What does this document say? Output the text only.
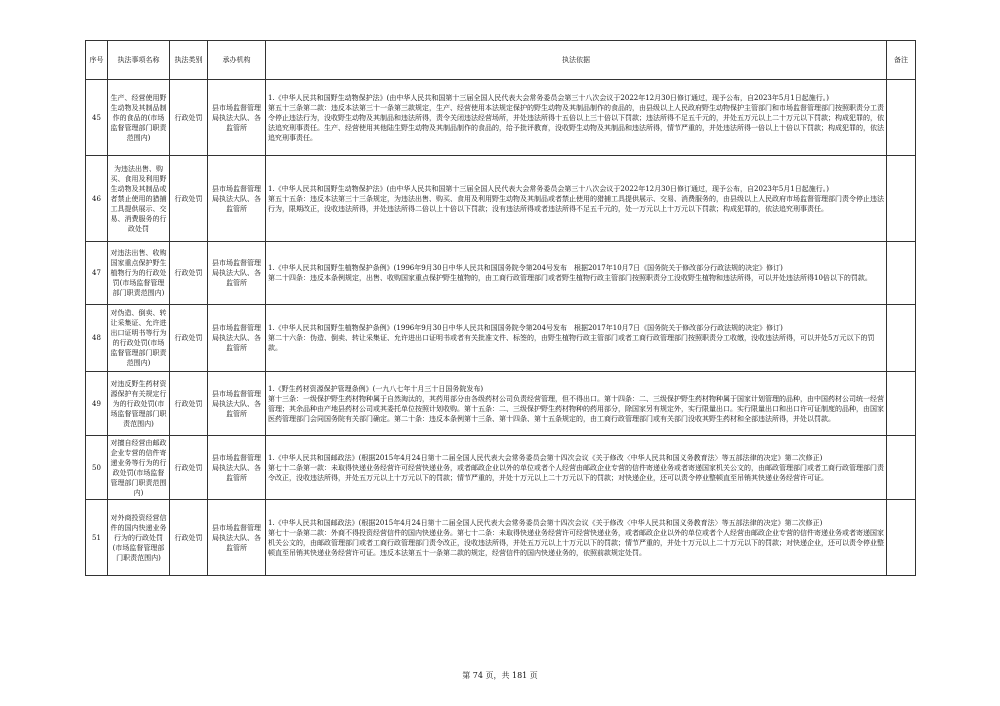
序号	执法事项名称	执法类别	承办机构	执法依据	备注
45	生产、经营使用野生动物及其制品制作的食品的(市场监督管理部门职责范围内)	行政处罚	县市场监督管理局执法大队、各监管所	1.《中华人民共和国野生动物保护法》(由中华人民共和国第十三届全国人民代表大会常务委员会第三十八次会议于2022年12月30日修订通过，现予公布，自2023年5月1日起施行。)
第五十三条第二款：违反本法第三十一条第三款规定，生产、经营使用本法规定保护的野生动物及其制品制作的食品的，由县级以上人民政府野生动物保护主管部门和市场监督管理部门按照职责分工责令停止违法行为，没收野生动物及其制品和违法所得，责令关闭违法经营场所，并处违法所得十五倍以上三十倍以下罚款；违法所得不足五千元的，并处五万元以上二十万元以下罚款；构成犯罪的，依法追究刑事责任。生产、经营使用其他陆生野生动物及其制品制作的食品的，给予批评教育，没收野生动物及其制品和违法所得，情节严重的，并处违法所得一倍以上十倍以下罚款；构成犯罪的，依法追究刑事责任。	

46	为违法出售、购买、食用及利用野生动物及其制品或者禁止使用的猎捕工具提供展示、交易、消费服务的行政处罚	行政处罚	县市场监督管理局执法大队、各监管所	1.《中华人民共和国野生动物保护法》(由中华人民共和国第十三届全国人民代表大会常务委员会第三十八次会议于2022年12月30日修订通过，现予公布，自2023年5月1日起施行。)
第五十五条：违反本法第三十三条规定，为违法出售、购买、食用及利用野生动物及其制品或者禁止使用的猎捕工具提供展示、交易、消费服务的，由县级以上人民政府市场监督管理部门责令停止违法行为，限期改正，没收违法所得，并处违法所得二倍以上十倍以下罚款；没有违法所得或者违法所得不足五千元的，处一万元以上十万元以下罚款；构成犯罪的，依法追究刑事责任。	

47	对违法出售、收购国家重点保护野生植物行为的行政处罚(市场监督管理部门职责范围内)	行政处罚	县市场监督管理局执法大队、各监管所	1.《中华人民共和国野生植物保护条例》(1996年9月30日中华人民共和国国务院令第204号发布　根据2017年10月7日《国务院关于修改部分行政法规的决定》修订)
第二十四条：违反本条例规定，出售、收购国家重点保护野生植物的，由工商行政管理部门或者野生植物行政主管部门按照职责分工没收野生植物和违法所得，可以并处违法所得10倍以下的罚款。	

48	对伪造、倒卖、转让采集证、允许进出口证明书等行为的行政处罚(市场监督管理部门职责范围内)	行政处罚	县市场监督管理局执法大队、各监管所	1.《中华人民共和国野生植物保护条例》(1996年9月30日中华人民共和国国务院令第204号发布　根据2017年10月7日《国务院关于修改部分行政法规的决定》修订)
第二十六条：伪造、倒卖、转让采集证、允许进出口证明书或者有关批准文件、标签的，由野生植物行政主管部门或者工商行政管理部门按照职责分工收缴，没收违法所得，可以并处5万元以下的罚款。	

49	对违反野生药材资源保护有关规定行为的行政处罚(市场监督管理部门职责范围内)	行政处罚	县市场监督管理局执法大队、各监管所	1.《野生药材资源保护管理条例》(一九八七年十月三十日国务院发布)
第十三条：一级保护野生药材物种属于自然淘汰的，其药用部分由各级药材公司负责经营管理，但不得出口。第十四条：二、三级保护野生药材物种属于国家计划管理的品种，由中国药材公司统一经营管理；其余品种由产地县药材公司或其委托单位按照计划收购。第十五条：二、三级保护野生药材物种的药用部分，除国家另有规定外，实行限量出口。实行限量出口和出口许可证制度的品种，由国家医药管理部门会同国务院有关部门确定。第二十条：违反本条例第十三条、第十四条、第十五条规定的，由工商行政管理部门或有关部门没收其野生药材和全部违法所得，并处以罚款。	

50	对擅自经营由邮政企业专营的信件寄递业务等行为的行政处罚(市场监督管理部门职责范围内)	行政处罚	县市场监督管理局执法大队、各监管所	1.《中华人民共和国邮政法》(根据2015年4月24日第十二届全国人民代表大会常务委员会第十四次会议《关于修改〈中华人民共和国义务教育法〉等五部法律的决定》第二次修正)
第七十二条第一款：未取得快递业务经营许可经营快递业务，或者邮政企业以外的单位或者个人经营由邮政企业专营的信件寄递业务或者寄递国家机关公文的，由邮政管理部门或者工商行政管理部门责令改正，没收违法所得，并处五万元以上十万元以下的罚款；情节严重的，并处十万元以上二十万元以下的罚款；对快递企业，还可以责令停业整顿直至吊销其快递业务经营许可证。	

51	对外商投资经营信件的国内快递业务行为的行政处罚(市场监督管理部门职责范围内)	行政处罚	县市场监督管理局执法大队、各监管所	1.《中华人民共和国邮政法》(根据2015年4月24日第十二届全国人民代表大会常务委员会第十四次会议《关于修改〈中华人民共和国义务教育法〉等五部法律的决定》第二次修正)
第七十一条第二款：外商不得投资经营信件的国内快递业务。第七十二条：未取得快递业务经营许可经营快递业务，或者邮政企业以外的单位或者个人经营由邮政企业专营的信件寄递业务或者寄递国家机关公文的，由邮政管理部门或者工商行政管理部门责令改正，没收违法所得，并处五万元以上十万元以下的罚款；情节严重的，并处十万元以上二十万元以下的罚款；对快递企业，还可以责令停业整顿直至吊销其快递业务经营许可证。违反本法第五十一条第二款的规定，经营信件的国内快递业务的，依照前款规定处罚。	

第 74 页，共 181 页
